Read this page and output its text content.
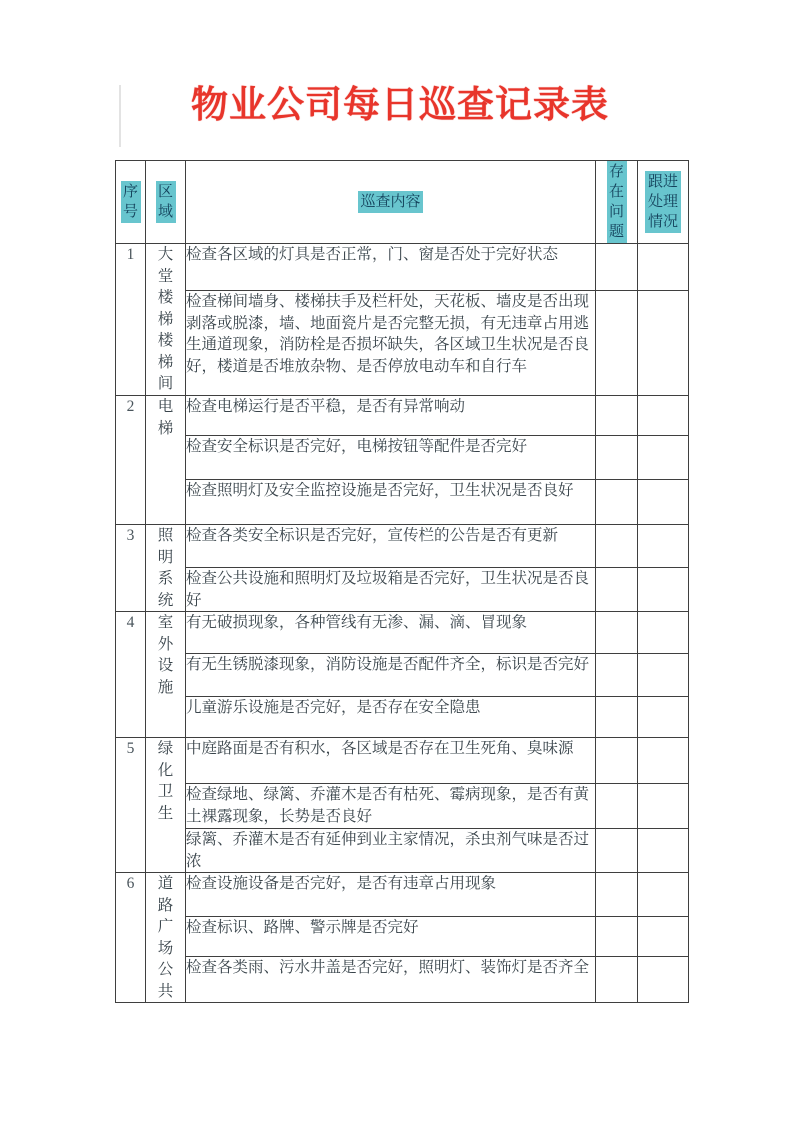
物业公司每日巡查记录表
序号	区域	巡查内容	存在问题	跟进处理情况
1	大堂楼梯楼梯间	检查各区域的灯具是否正常，门、窗是否处于完好状态		
		检查梯间墙身、楼梯扶手及栏杆处，天花板、墙皮是否出现剥落或脱漆，墙、地面瓷片是否完整无损，有无违章占用逃生通道现象，消防栓是否损坏缺失，各区域卫生状况是否良好，楼道是否堆放杂物、是否停放电动车和自行车		
2	电梯	检查电梯运行是否平稳，是否有异常响动		
		检查安全标识是否完好，电梯按钮等配件是否完好		
		检查照明灯及安全监控设施是否完好，卫生状况是否良好		
3	照明系统	检查各类安全标识是否完好，宣传栏的公告是否有更新		
		检查公共设施和照明灯及垃圾箱是否完好，卫生状况是否良好		
4	室外设施	有无破损现象，各种管线有无渗、漏、滴、冒现象		
		有无生锈脱漆现象，消防设施是否配件齐全，标识是否完好		
		儿童游乐设施是否完好，是否存在安全隐患		
5	绿化卫生	中庭路面是否有积水，各区域是否存在卫生死角、臭味源		
		检查绿地、绿篱、乔灌木是否有枯死、霉病现象，是否有黄土裸露现象，长势是否良好		
		绿篱、乔灌木是否有延伸到业主家情况，杀虫剂气味是否过浓		
6	道路广场公共	检查设施设备是否完好，是否有违章占用现象		
		检查标识、路牌、警示牌是否完好		
		检查各类雨、污水井盖是否完好，照明灯、装饰灯是否齐全		
